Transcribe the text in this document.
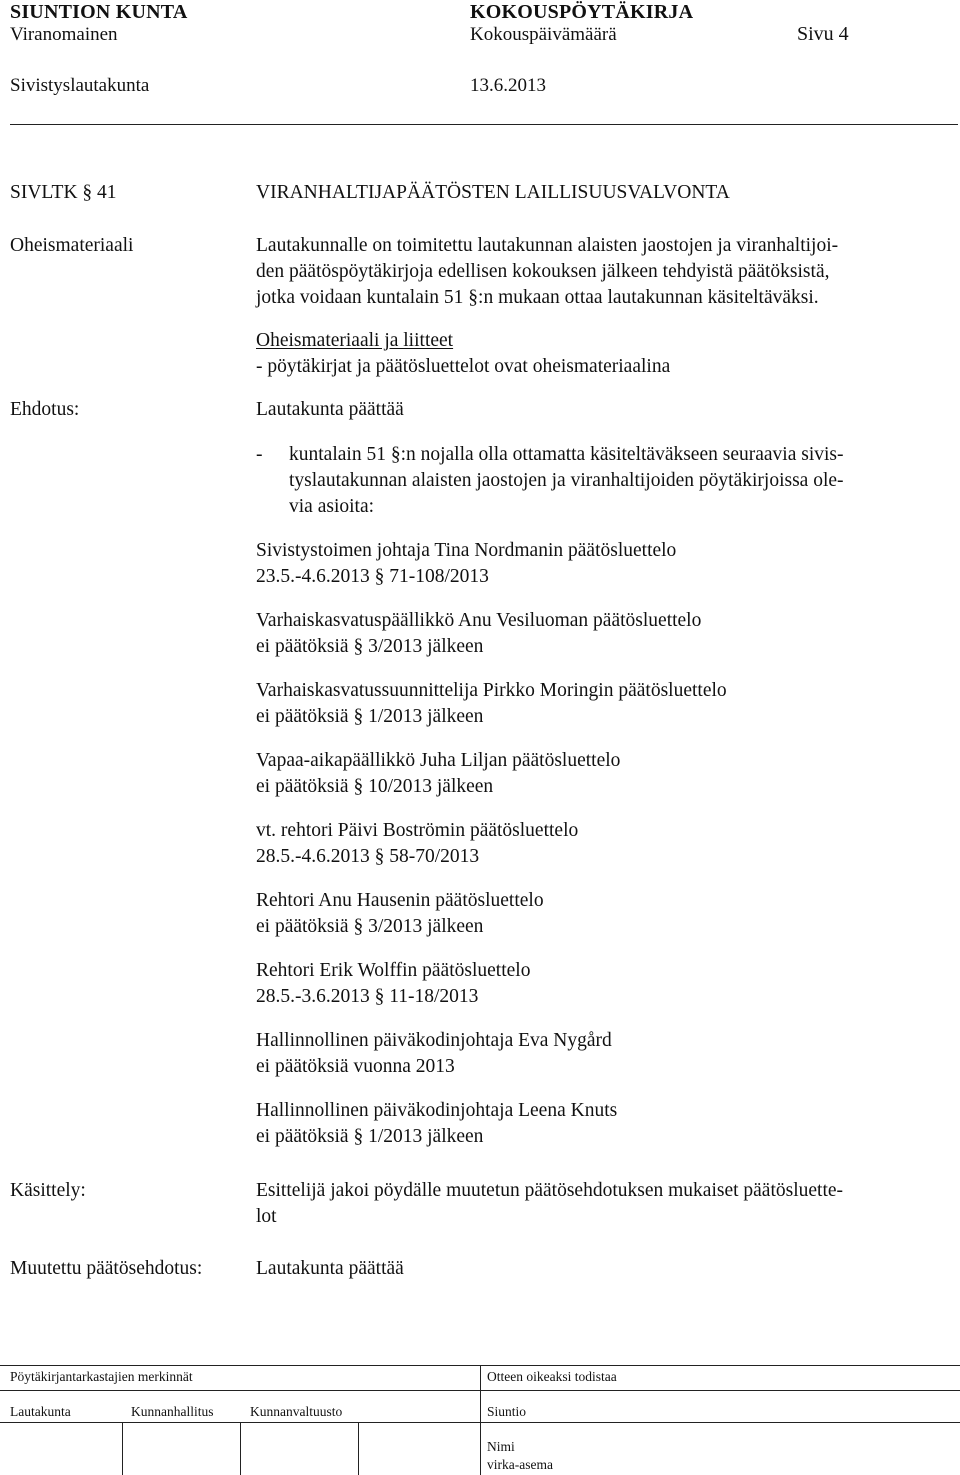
SIUNTION KUNTA	KOKOUSPÖYTÄKIRJA
Viranomainen	Kokouspäivämäärä	Sivu 4
Sivistyslautakunta	13.6.2013
SIVLTK § 41	VIRANHALTIJAPÄÄTÖSTEN LAILLISUUSVALVONTA
Oheismateriaali	Lautakunnalle on toimitettu lautakunnan alaisten jaostojen ja viranhaltijoi-
den päätöspöytäkirjoja edellisen kokouksen jälkeen tehdyistä päätöksistä,
jotka voidaan kuntalain 51 §:n mukaan ottaa lautakunnan käsiteltäväksi.
Oheismateriaali ja liitteet
- pöytäkirjat ja päätösluettelot ovat oheismateriaalina
Ehdotus:	Lautakunta päättää
- kuntalain 51 §:n nojalla olla ottamatta käsiteltäväkseen seuraavia sivis-
tyslautakunnan alaisten jaostojen ja viranhaltijoiden pöytäkirjoissa ole-
via asioita:
Sivistystoimen johtaja Tina Nordmanin päätösluettelo
23.5.-4.6.2013 § 71-108/2013
Varhaiskasvatuspäällikkö Anu Vesiluoman päätösluettelo
ei päätöksiä § 3/2013 jälkeen
Varhaiskasvatussuunnittelija Pirkko Moringin päätösluettelo
ei päätöksiä § 1/2013 jälkeen
Vapaa-aikapäällikkö Juha Liljan päätösluettelo
ei päätöksiä § 10/2013 jälkeen
vt. rehtori Päivi Boströmin päätösluettelo
28.5.-4.6.2013 § 58-70/2013
Rehtori Anu Hausenin päätösluettelo
ei päätöksiä § 3/2013 jälkeen
Rehtori Erik Wolffin päätösluettelo
28.5.-3.6.2013 § 11-18/2013
Hallinnollinen päiväkodinjohtaja Eva Nygård
ei päätöksiä vuonna 2013
Hallinnollinen päiväkodinjohtaja Leena Knuts
ei päätöksiä § 1/2013 jälkeen
Käsittely:	Esittelijä jakoi pöydälle muutetun päätösehdotuksen mukaiset päätösluette-
lot
Muutettu päätösehdotus:	Lautakunta päättää
Pöytäkirjantarkastajien merkinnät	Otteen oikeaksi todistaa
Lautakunta	Kunnanhallitus	Kunnanvaltuusto	Siuntio
Nimi
virka-asema
